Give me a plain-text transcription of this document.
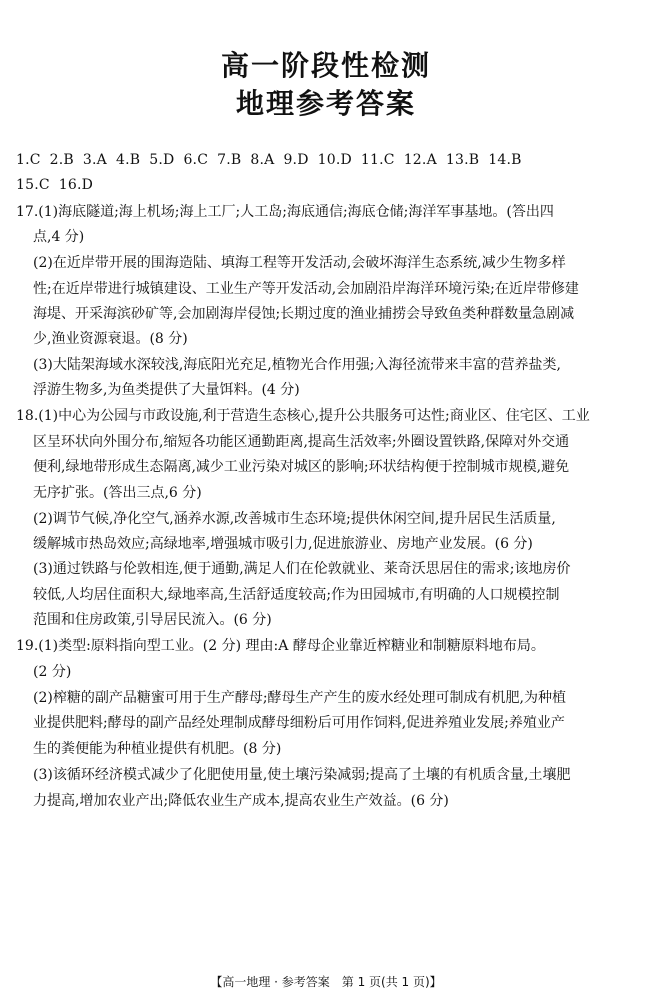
高一阶段性检测
地理参考答案
1.C 2.B 3.A 4.B 5.D 6.C 7.B 8.A 9.D 10.D 11.C 12.A 13.B 14.B
15.C 16.D
17.(1)海底隧道;海上机场;海上工厂;人工岛;海底通信;海底仓储;海洋军事基地。(答出四
点,4 分)
(2)在近岸带开展的围海造陆、填海工程等开发活动,会破坏海洋生态系统,减少生物多样
性;在近岸带进行城镇建设、工业生产等开发活动,会加剧沿岸海洋环境污染;在近岸带修建
海堤、开采海滨砂矿等,会加剧海岸侵蚀;长期过度的渔业捕捞会导致鱼类种群数量急剧减
少,渔业资源衰退。(8 分)
(3)大陆架海域水深较浅,海底阳光充足,植物光合作用强;入海径流带来丰富的营养盐类,
浮游生物多,为鱼类提供了大量饵料。(4 分)
18.(1)中心为公园与市政设施,利于营造生态核心,提升公共服务可达性;商业区、住宅区、工业
区呈环状向外围分布,缩短各功能区通勤距离,提高生活效率;外圈设置铁路,保障对外交通
便利,绿地带形成生态隔离,减少工业污染对城区的影响;环状结构便于控制城市规模,避免
无序扩张。(答出三点,6 分)
(2)调节气候,净化空气,涵养水源,改善城市生态环境;提供休闲空间,提升居民生活质量,
缓解城市热岛效应;高绿地率,增强城市吸引力,促进旅游业、房地产业发展。(6 分)
(3)通过铁路与伦敦相连,便于通勤,满足人们在伦敦就业、莱奇沃思居住的需求;该地房价
较低,人均居住面积大,绿地率高,生活舒适度较高;作为田园城市,有明确的人口规模控制
范围和住房政策,引导居民流入。(6 分)
19.(1)类型:原料指向型工业。(2 分) 理由:A 酵母企业靠近榨糖业和制糖原料地布局。
(2 分)
(2)榨糖的副产品糖蜜可用于生产酵母;酵母生产产生的废水经处理可制成有机肥,为种植
业提供肥料;酵母的副产品经处理制成酵母细粉后可用作饲料,促进养殖业发展;养殖业产
生的粪便能为种植业提供有机肥。(8 分)
(3)该循环经济模式减少了化肥使用量,使土壤污染减弱;提高了土壤的有机质含量,土壤肥
力提高,增加农业产出;降低农业生产成本,提高农业生产效益。(6 分)
【高一地理 · 参考答案　第 1 页(共 1 页)】
